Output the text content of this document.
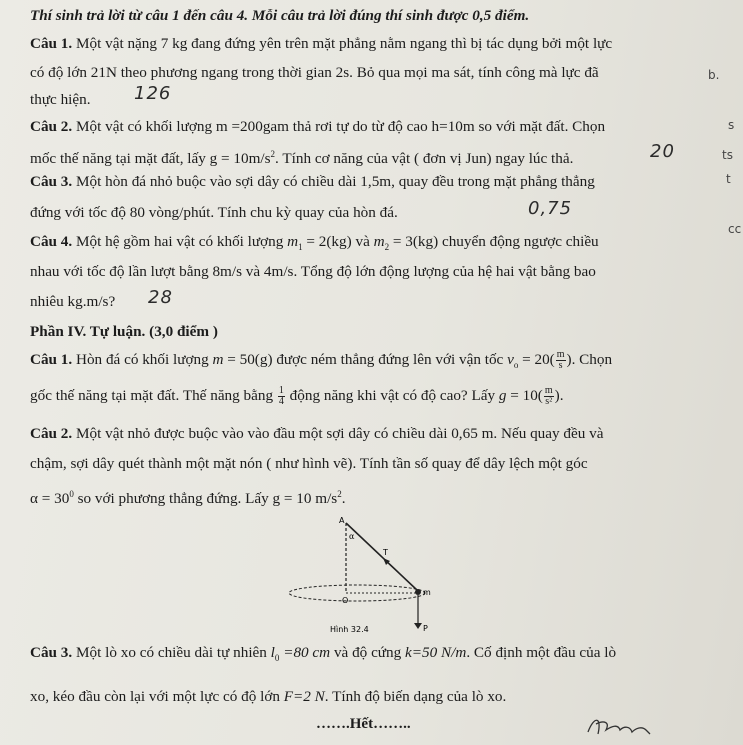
Thí sinh trả lời từ câu 1 đến câu 4. Mỗi câu trả lời đúng thí sinh được 0,5 điểm.
Câu 1. Một vật nặng 7 kg đang đứng yên trên mặt phẳng nằm ngang thì bị tác dụng bởi một lực
có độ lớn 21N theo phương ngang trong thời gian 2s. Bỏ qua mọi ma sát, tính công mà lực đã
thực hiện. 126
Câu 2. Một vật có khối lượng m =200gam thả rơi tự do từ độ cao h=10m so với mặt đất. Chọn
mốc thế năng tại mặt đất, lấy $g = 10m/s^2$. Tính cơ năng của vật ( đơn vị Jun) ngay lúc thả.	20
Câu 3. Một hòn đá nhỏ buộc vào sợi dây có chiều dài 1,5m, quay đều trong mặt phẳng thẳng
đứng với tốc độ 80 vòng/phút. Tính chu kỳ quay của hòn đá.	0,75
Câu 4. Một hệ gồm hai vật có khối lượng $m_1 = 2(kg)$ và $m_2 = 3(kg)$ chuyển động ngược chiều
nhau với tốc độ lần lượt bằng 8m/s và 4m/s. Tổng độ lớn động lượng của hệ hai vật bằng bao
nhiêu kg.m/s? 28
Phần IV. Tự luận. (3,0 điểm )
Câu 1. Hòn đá có khối lượng m = 50(g) được ném thẳng đứng lên với vận tốc $v_o = 20( \frac{m}{s}$ ). Chọn
gốc thế năng tại mặt đất. Thế năng bằng $\frac{1}{4}$ động năng khi vật có độ cao? Lấy $g = 10( \frac{m}{\text{s²}}$ ).
Câu 2. Một vật nhỏ được buộc vào vào đầu một sợi dây có chiều dài 0,65 m. Nếu quay đều và
chậm, sợi dây quét thành một mặt nón ( như hình vẽ). Tính tần số quay để dây lệch một góc
$\alpha = 30^0$ so với phương thẳng đứng. Lấy g = 10 $m/s^2$.
A
α
T
O
m
P
Hình 32.4
Câu 3. Một lò xo có chiều dài tự nhiên $l_0 =80$ cm và độ cứng k=50 N/m. Cố định một đầu của lò
xo, kéo đầu còn lại với một lực có độ lớn F=2 N. Tính độ biến dạng của lò xo.
…….Hết……..
b.
s
ts
t
cc
